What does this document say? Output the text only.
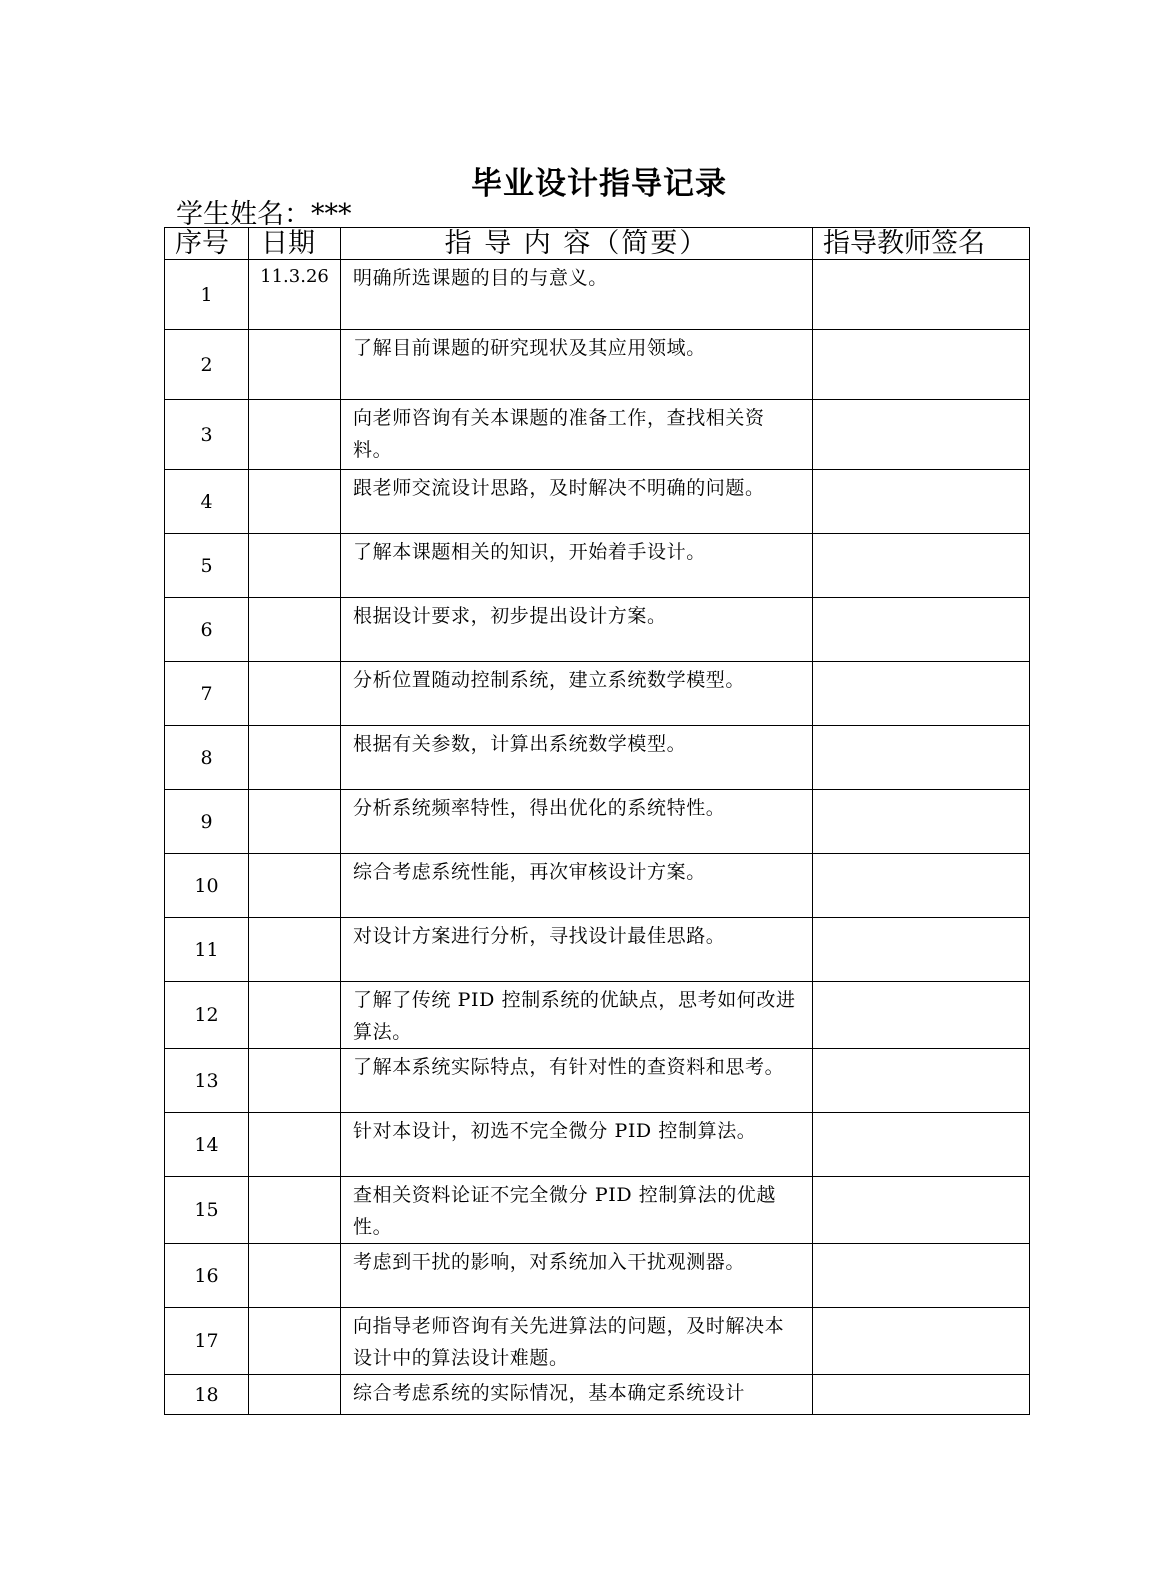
毕业设计指导记录
学生姓名：***
序号	日期	指 导 内 容（简要）	指导教师签名
1	11.3.26	明确所选课题的目的与意义。	
2		了解目前课题的研究现状及其应用领域。	
3		向老师咨询有关本课题的准备工作，查找相关资料。	
4		跟老师交流设计思路，及时解决不明确的问题。	
5		了解本课题相关的知识，开始着手设计。	
6		根据设计要求，初步提出设计方案。	
7		分析位置随动控制系统，建立系统数学模型。	
8		根据有关参数，计算出系统数学模型。	
9		分析系统频率特性，得出优化的系统特性。	
10		综合考虑系统性能，再次审核设计方案。	
11		对设计方案进行分析，寻找设计最佳思路。	
12		了解了传统 PID 控制系统的优缺点，思考如何改进算法。	
13		了解本系统实际特点，有针对性的查资料和思考。	
14		针对本设计，初选不完全微分 PID 控制算法。	
15		查相关资料论证不完全微分 PID 控制算法的优越性。	
16		考虑到干扰的影响，对系统加入干扰观测器。	
17		向指导老师咨询有关先进算法的问题，及时解决本设计中的算法设计难题。	
18		综合考虑系统的实际情况，基本确定系统设计	
